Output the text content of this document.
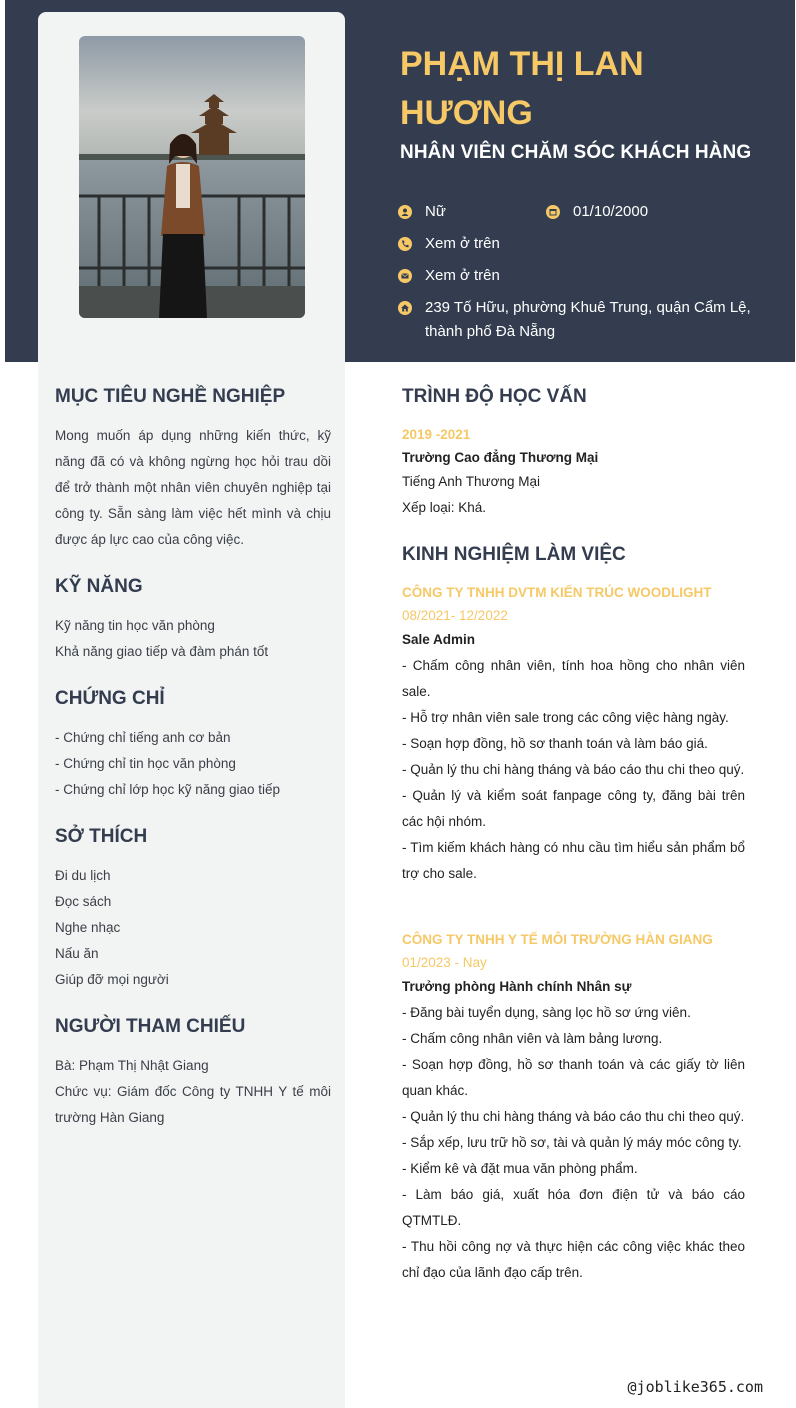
PHẠM THỊ LAN HƯƠNG
NHÂN VIÊN CHĂM SÓC KHÁCH HÀNG
Nữ	01/10/2000
Xem ở trên
Xem ở trên
239 Tố Hữu, phường Khuê Trung, quận Cẩm Lệ, thành phố Đà Nẵng
MỤC TIÊU NGHỀ NGHIỆP

Mong muốn áp dụng những kiến thức, kỹ năng đã có và không ngừng học hỏi trau dồi để trở thành một nhân viên chuyên nghiệp tại công ty. Sẵn sàng làm việc hết mình và chịu được áp lực cao của công việc.

KỸ NĂNG

Kỹ năng tin học văn phòng

Khả năng giao tiếp và đàm phán tốt

CHỨNG CHỈ

- Chứng chỉ tiếng anh cơ bản

- Chứng chỉ tin học văn phòng

- Chứng chỉ lớp học kỹ năng giao tiếp

SỞ THÍCH

Đi du lịch

Đọc sách

Nghe nhạc

Nấu ăn

Giúp đỡ mọi người

NGƯỜI THAM CHIẾU

Bà: Phạm Thị Nhật Giang

Chức vụ: Giám đốc Công ty TNHH Y tế môi trường Hàn Giang

TRÌNH ĐỘ HỌC VẤN

2019 -2021

Trường Cao đẳng Thương Mại

Tiếng Anh Thương Mại

Xếp loại: Khá.

KINH NGHIỆM LÀM VIỆC

CÔNG TY TNHH DVTM KIẾN TRÚC WOODLIGHT

08/2021- 12/2022

Sale Admin

- Chấm công nhân viên, tính hoa hồng cho nhân viên sale.

- Hỗ trợ nhân viên sale trong các công việc hàng ngày.

- Soạn hợp đồng, hồ sơ thanh toán và làm báo giá.

- Quản lý thu chi hàng tháng và báo cáo thu chi theo quý.

- Quản lý và kiểm soát fanpage công ty, đăng bài trên các hội nhóm.

- Tìm kiếm khách hàng có nhu cầu tìm hiểu sản phẩm bổ trợ cho sale.

CÔNG TY TNHH Y TẾ MÔI TRƯỜNG HÀN GIANG

01/2023 - Nay

Trưởng phòng Hành chính Nhân sự

- Đăng bài tuyển dụng, sàng lọc hồ sơ ứng viên.

- Chấm công nhân viên và làm bảng lương.

- Soạn hợp đồng, hồ sơ thanh toán và các giấy tờ liên quan khác.

- Quản lý thu chi hàng tháng và báo cáo thu chi theo quý.

- Sắp xếp, lưu trữ hồ sơ, tài và quản lý máy móc công ty.

- Kiểm kê và đặt mua văn phòng phẩm.

- Làm báo giá, xuất hóa đơn điện tử và báo cáo QTMTLĐ.

- Thu hồi công nợ và thực hiện các công việc khác theo chỉ đạo của lãnh đạo cấp trên.

@joblike365.com
